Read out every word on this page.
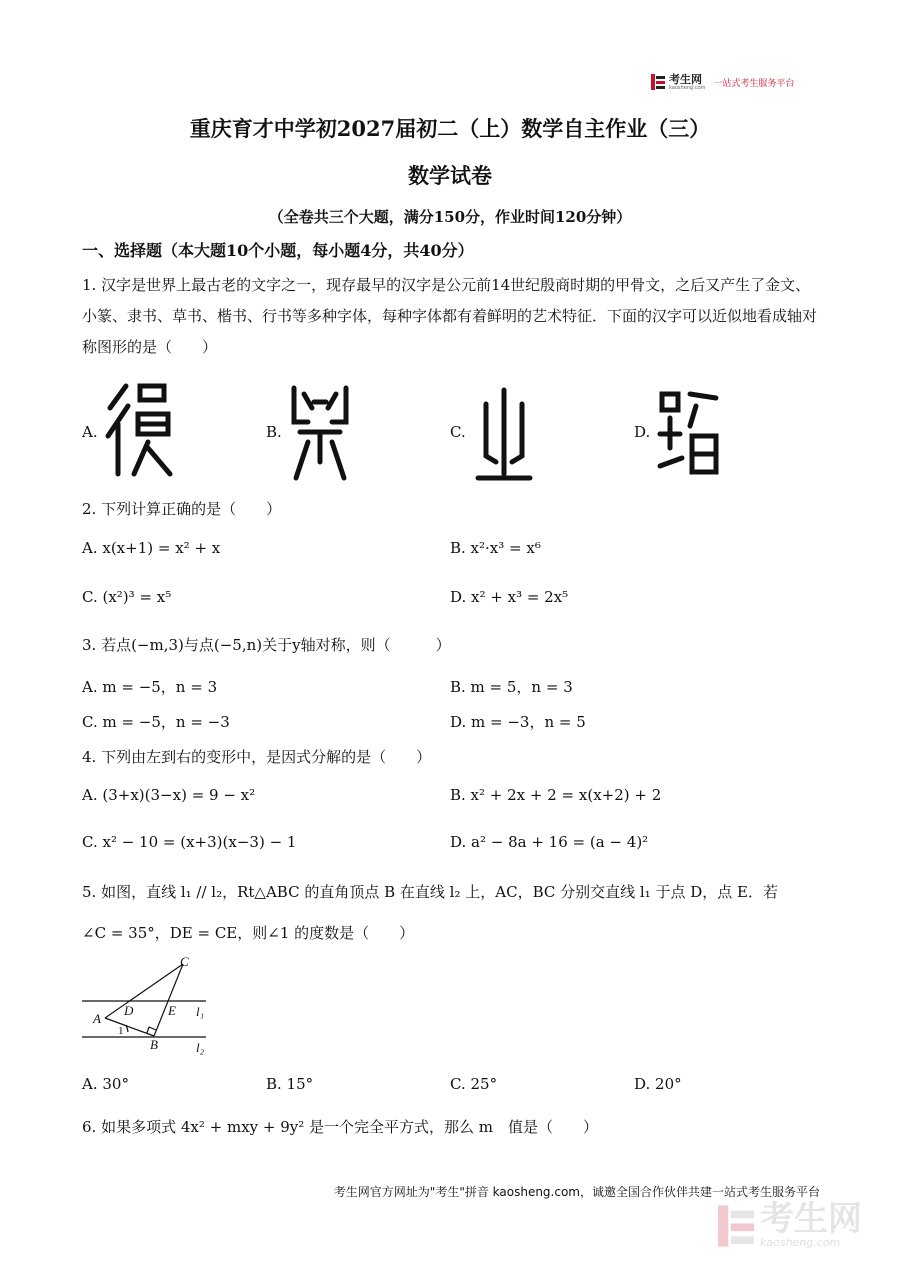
考生网
kaosheng.com 一站式考生服务平台
重庆育才中学初2027届初二（上）数学自主作业（三）
数学试卷
（全卷共三个大题，满分150分，作业时间120分钟）
一、选择题（本大题10个小题，每小题4分，共40分）
1. 汉字是世界上最古老的文字之一，现存最早的汉字是公元前14世纪殷商时期的甲骨文，之后又产生了金文、小篆、隶书、草书、楷书、行书等多种字体，每种字体都有着鲜明的艺术特征．下面的汉字可以近似地看成轴对称图形的是（　　）
A.	B.	C.	D.
2. 下列计算正确的是（　　）
A. x(x+1) = x² + x	B. x²·x³ = x⁶
C. (x²)³ = x⁵	D. x² + x³ = 2x⁵
3. 若点(−m,3)与点(−5,n)关于y轴对称，则（　　　）
A. m = −5，n = 3	B. m = 5，n = 3
C. m = −5，n = −3	D. m = −3，n = 5
4. 下列由左到右的变形中，是因式分解的是（　　）
A. (3+x)(3−x) = 9 − x²	B. x² + 2x + 2 = x(x+2) + 2
C. x² − 10 = (x+3)(x−3) − 1	D. a² − 8a + 16 = (a − 4)²
5. 如图，直线 l₁ // l₂，Rt△ABC 的直角顶点 B 在直线 l₂ 上，AC，BC 分别交直线 l₁ 于点 D，点 E．若
∠C = 35°，DE = CE，则∠1 的度数是（　　）
C
A
D	E
B
l₁
l₂
1
A. 30°	B. 15°	C. 25°	D. 20°
6. 如果多项式 4x² + mxy + 9y² 是一个完全平方式，那么 m　值是（　　）
考生网官方网址为"考生"拼音 kaosheng.com，诚邀全国合作伙伴共建一站式考生服务平台
考生网
kaosheng.com
